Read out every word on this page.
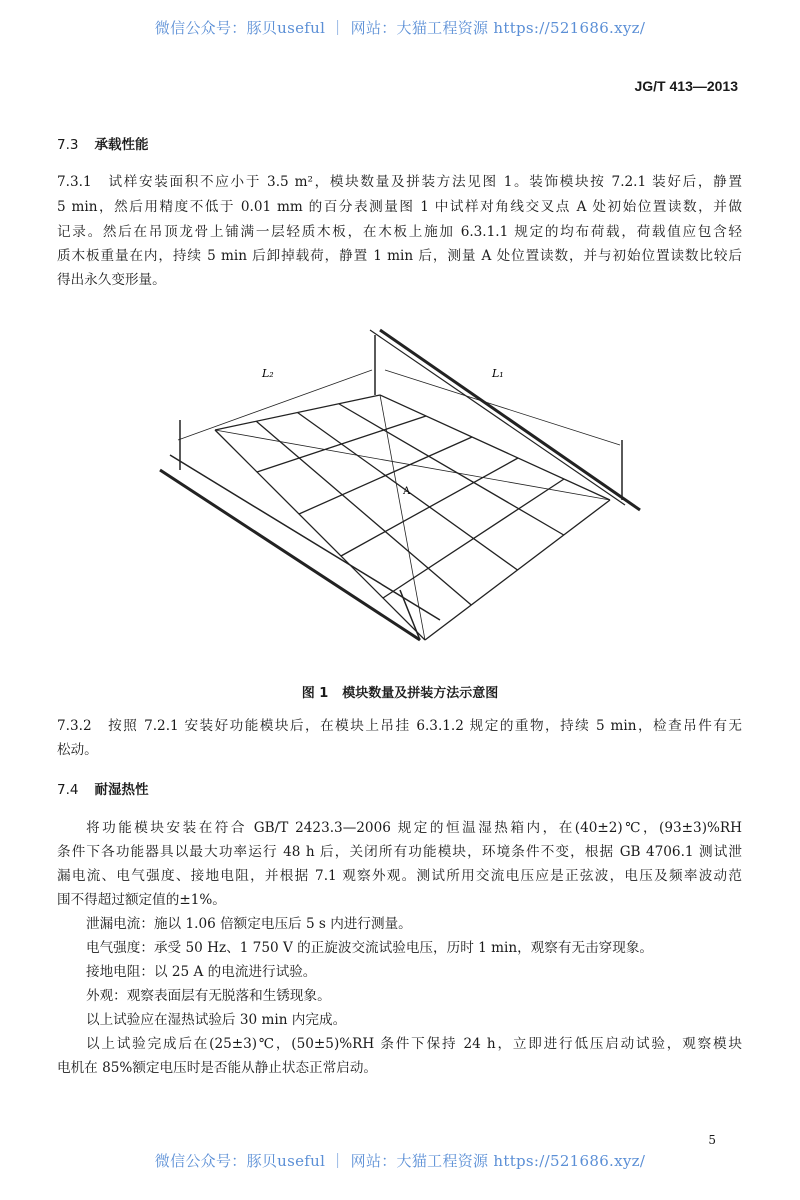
微信公众号：豚贝useful ｜ 网站：大猫工程资源 https://521686.xyz/
JG/T 413—2013
7.3 承载性能
7.3.1　试样安装面积不应小于 3.5 m²，模块数量及拼装方法见图 1。装饰模块按 7.2.1 装好后，静置
5 min，然后用精度不低于 0.01 mm 的百分表测量图 1 中试样对角线交叉点 A 处初始位置读数，并做
记录。然后在吊顶龙骨上铺满一层轻质木板，在木板上施加 6.3.1.1 规定的均布荷载，荷载值应包含轻
质木板重量在内，持续 5 min 后卸掉载荷，静置 1 min 后，测量 A 处位置读数，并与初始位置读数比较后
得出永久变形量。
L₂	L₁
A
图 1 模块数量及拼装方法示意图
7.3.2　按照 7.2.1 安装好功能模块后，在模块上吊挂 6.3.1.2 规定的重物，持续 5 min，检查吊件有无
松动。
7.4 耐湿热性
将功能模块安装在符合 GB/T 2423.3—2006 规定的恒温湿热箱内，在(40±2)℃，(93±3)%RH
条件下各功能器具以最大功率运行 48 h 后，关闭所有功能模块，环境条件不变，根据 GB 4706.1 测试泄
漏电流、电气强度、接地电阻，并根据 7.1 观察外观。测试所用交流电压应是正弦波，电压及频率波动范
围不得超过额定值的±1%。
泄漏电流：施以 1.06 倍额定电压后 5 s 内进行测量。
电气强度：承受 50 Hz、1 750 V 的正旋波交流试验电压，历时 1 min，观察有无击穿现象。
接地电阻：以 25 A 的电流进行试验。
外观：观察表面层有无脱落和生锈现象。
以上试验应在湿热试验后 30 min 内完成。
以上试验完成后在(25±3)℃，(50±5)%RH 条件下保持 24 h，立即进行低压启动试验，观察模块
电机在 85%额定电压时是否能从静止状态正常启动。
5
微信公众号：豚贝useful ｜ 网站：大猫工程资源 https://521686.xyz/
